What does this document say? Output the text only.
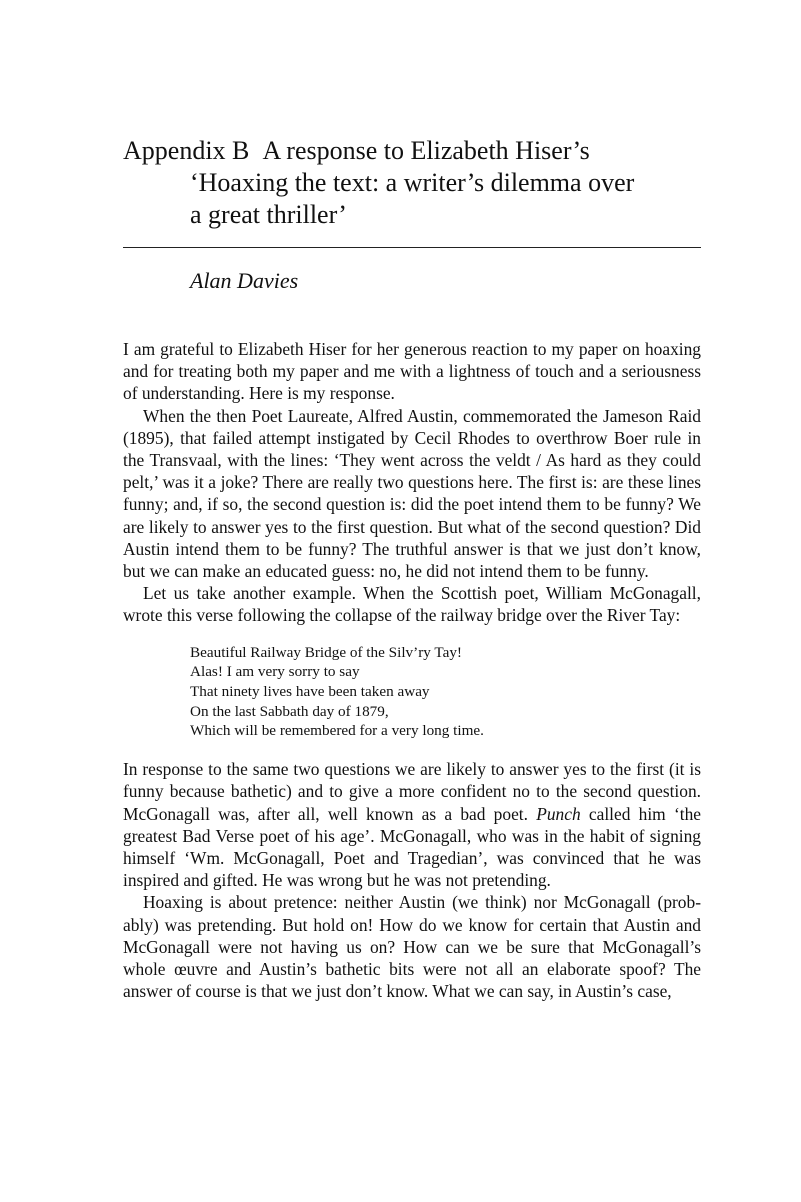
Appendix B A response to Elizabeth Hiser’s
‘Hoaxing the text: a writer’s dilemma over
a great thriller’
Alan Davies

I am grateful to Elizabeth Hiser for her generous reaction to my paper on hoaxing and for treating both my paper and me with a lightness of touch and a seriousness of understanding. Here is my response.

When the then Poet Laureate, Alfred Austin, commemorated the Jameson Raid (1895), that failed attempt instigated by Cecil Rhodes to overthrow Boer rule in the Transvaal, with the lines: ‘They went across the veldt / As hard as they could pelt,’ was it a joke? There are really two questions here. The first is: are these lines funny; and, if so, the second question is: did the poet intend them to be funny? We are likely to answer yes to the first question. But what of the second question? Did Austin intend them to be funny? The truthful answer is that we just don’t know, but we can make an educated guess: no, he did not intend them to be funny.

Let us take another example. When the Scottish poet, William McGonagall, wrote this verse following the collapse of the railway bridge over the River Tay:

Beautiful Railway Bridge of the Silv’ry Tay!
Alas! I am very sorry to say
That ninety lives have been taken away
On the last Sabbath day of 1879,
Which will be remembered for a very long time.

In response to the same two questions we are likely to answer yes to the first (it is funny because bathetic) and to give a more confident no to the second question. McGonagall was, after all, well known as a bad poet. Punch called him ‘the greatest Bad Verse poet of his age’. McGonagall, who was in the habit of signing himself ‘Wm. McGonagall, Poet and Tragedian’, was convinced that he was inspired and gifted. He was wrong but he was not pretending.

Hoaxing is about pretence: neither Austin (we think) nor McGonagall (probably) was pretending. But hold on! How do we know for certain that Austin and McGonagall were not having us on? How can we be sure that McGonagall’s whole œuvre and Austin’s bathetic bits were not all an elaborate spoof? The answer of course is that we just don’t know. What we can say, in Austin’s case,
